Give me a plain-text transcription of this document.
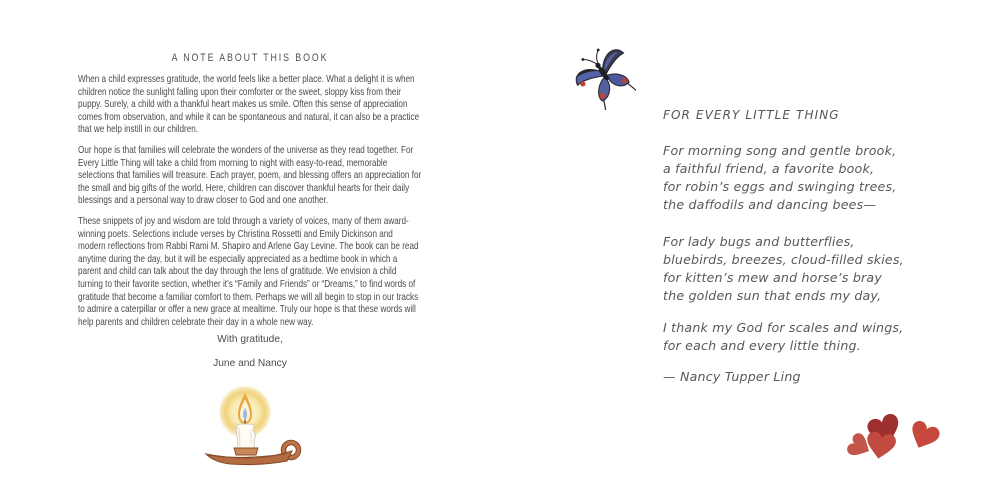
A NOTE ABOUT THIS BOOK

When a child expresses gratitude, the world feels like a better place. What a delight it is when children notice the sunlight falling upon their comforter or the sweet, sloppy kiss from their puppy. Surely, a child with a thankful heart makes us smile. Often this sense of appreciation comes from observation, and while it can be spontaneous and natural, it can also be a practice that we help instill in our children.

Our hope is that families will celebrate the wonders of the universe as they read together. For Every Little Thing will take a child from morning to night with easy-to-read, memorable selections that families will treasure. Each prayer, poem, and blessing offers an appreciation for the small and big gifts of the world. Here, children can discover thankful hearts for their daily blessings and a personal way to draw closer to God and one another.

These snippets of joy and wisdom are told through a variety of voices, many of them award-winning poets. Selections include verses by Christina Rossetti and Emily Dickinson and modern reflections from Rabbi Rami M. Shapiro and Arlene Gay Levine. The book can be read anytime during the day, but it will be especially appreciated as a bedtime book in which a parent and child can talk about the day through the lens of gratitude. We envision a child turning to their favorite section, whether it’s “Family and Friends” or “Dreams,” to find words of gratitude that become a familiar comfort to them. Perhaps we will all begin to stop in our tracks to admire a caterpillar or offer a new grace at mealtime. Truly our hope is that these words will help parents and children celebrate their day in a whole new way.

With gratitude,
June and Nancy
FOR EVERY LITTLE THING
For morning song and gentle brook,
a faithful friend, a favorite book,
for robin’s eggs and swinging trees,
the daffodils and dancing bees—
For lady bugs and butterflies,
bluebirds, breezes, cloud-filled skies,
for kitten’s mew and horse’s bray
the golden sun that ends my day,
I thank my God for scales and wings,
for each and every little thing.
— Nancy Tupper Ling
